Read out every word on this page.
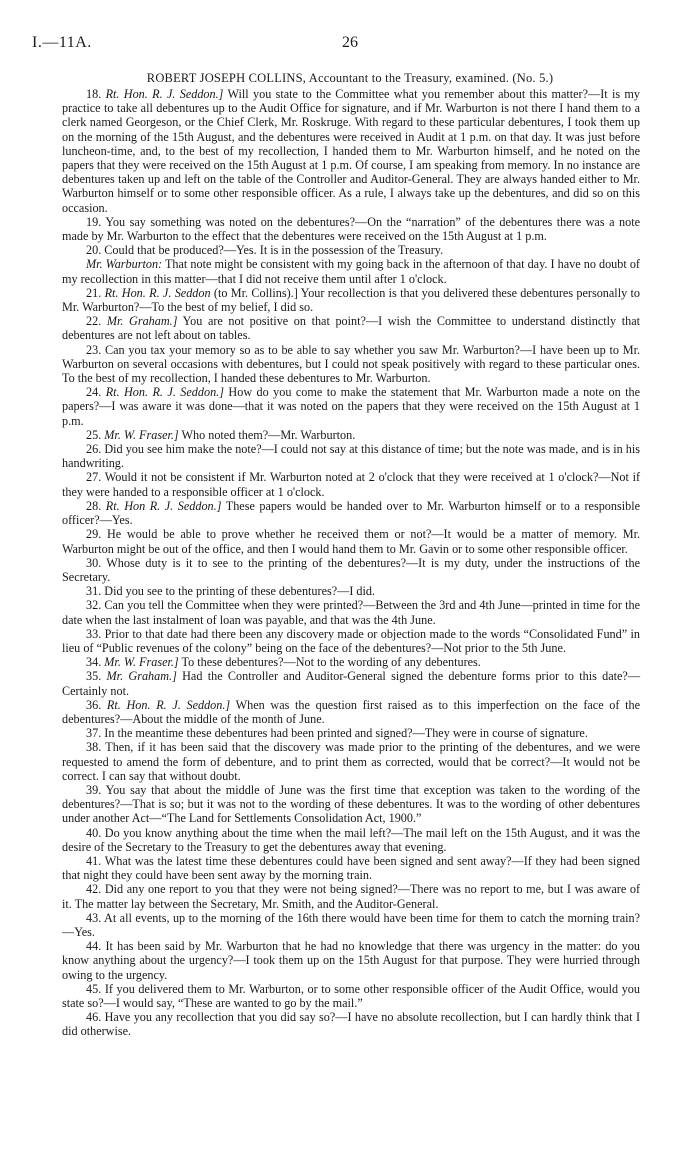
I.—11A.	26
ROBERT JOSEPH COLLINS, Accountant to the Treasury, examined. (No. 5.)

18. Rt. Hon. R. J. Seddon.] Will you state to the Committee what you remember about this matter?—It is my practice to take all debentures up to the Audit Office for signature, and if Mr. Warburton is not there I hand them to a clerk named Georgeson, or the Chief Clerk, Mr. Roskruge. With regard to these particular debentures, I took them up on the morning of the 15th August, and the debentures were received in Audit at 1 p.m. on that day. It was just before luncheon-time, and, to the best of my recollection, I handed them to Mr. Warburton himself, and he noted on the papers that they were received on the 15th August at 1 p.m. Of course, I am speaking from memory. In no instance are debentures taken up and left on the table of the Controller and Auditor-General. They are always handed either to Mr. Warburton himself or to some other responsible officer. As a rule, I always take up the debentures, and did so on this occasion.

19. You say something was noted on the debentures?—On the “narration” of the debentures there was a note made by Mr. Warburton to the effect that the debentures were received on the 15th August at 1 p.m.

20. Could that be produced?—Yes. It is in the possession of the Treasury.

Mr. Warburton: That note might be consistent with my going back in the afternoon of that day. I have no doubt of my recollection in this matter—that I did not receive them until after 1 o'clock.

21. Rt. Hon. R. J. Seddon (to Mr. Collins).] Your recollection is that you delivered these debentures personally to Mr. Warburton?—To the best of my belief, I did so.

22. Mr. Graham.] You are not positive on that point?—I wish the Committee to understand distinctly that debentures are not left about on tables.

23. Can you tax your memory so as to be able to say whether you saw Mr. Warburton?—I have been up to Mr. Warburton on several occasions with debentures, but I could not speak positively with regard to these particular ones. To the best of my recollection, I handed these debentures to Mr. Warburton.

24. Rt. Hon. R. J. Seddon.] How do you come to make the statement that Mr. Warburton made a note on the papers?—I was aware it was done—that it was noted on the papers that they were received on the 15th August at 1 p.m.

25. Mr. W. Fraser.] Who noted them?—Mr. Warburton.

26. Did you see him make the note?—I could not say at this distance of time; but the note was made, and is in his handwriting.

27. Would it not be consistent if Mr. Warburton noted at 2 o'clock that they were received at 1 o'clock?—Not if they were handed to a responsible officer at 1 o'clock.

28. Rt. Hon R. J. Seddon.] These papers would be handed over to Mr. Warburton himself or to a responsible officer?—Yes.

29. He would be able to prove whether he received them or not?—It would be a matter of memory. Mr. Warburton might be out of the office, and then I would hand them to Mr. Gavin or to some other responsible officer.

30. Whose duty is it to see to the printing of the debentures?—It is my duty, under the instructions of the Secretary.

31. Did you see to the printing of these debentures?—I did.

32. Can you tell the Committee when they were printed?—Between the 3rd and 4th June—printed in time for the date when the last instalment of loan was payable, and that was the 4th June.

33. Prior to that date had there been any discovery made or objection made to the words “Consolidated Fund” in lieu of “Public revenues of the colony” being on the face of the debentures?—Not prior to the 5th June.

34. Mr. W. Fraser.] To these debentures?—Not to the wording of any debentures.

35. Mr. Graham.] Had the Controller and Auditor-General signed the debenture forms prior to this date?—Certainly not.

36. Rt. Hon. R. J. Seddon.] When was the question first raised as to this imperfection on the face of the debentures?—About the middle of the month of June.

37. In the meantime these debentures had been printed and signed?—They were in course of signature.

38. Then, if it has been said that the discovery was made prior to the printing of the debentures, and we were requested to amend the form of debenture, and to print them as corrected, would that be correct?—It would not be correct. I can say that without doubt.

39. You say that about the middle of June was the first time that exception was taken to the wording of the debentures?—That is so; but it was not to the wording of these debentures. It was to the wording of other debentures under another Act—“The Land for Settlements Consolidation Act, 1900.”

40. Do you know anything about the time when the mail left?—The mail left on the 15th August, and it was the desire of the Secretary to the Treasury to get the debentures away that evening.

41. What was the latest time these debentures could have been signed and sent away?—If they had been signed that night they could have been sent away by the morning train.

42. Did any one report to you that they were not being signed?—There was no report to me, but I was aware of it. The matter lay between the Secretary, Mr. Smith, and the Auditor-General.

43. At all events, up to the morning of the 16th there would have been time for them to catch the morning train?—Yes.

44. It has been said by Mr. Warburton that he had no knowledge that there was urgency in the matter: do you know anything about the urgency?—I took them up on the 15th August for that purpose. They were hurried through owing to the urgency.

45. If you delivered them to Mr. Warburton, or to some other responsible officer of the Audit Office, would you state so?—I would say, “These are wanted to go by the mail.”

46. Have you any recollection that you did say so?—I have no absolute recollection, but I can hardly think that I did otherwise.
